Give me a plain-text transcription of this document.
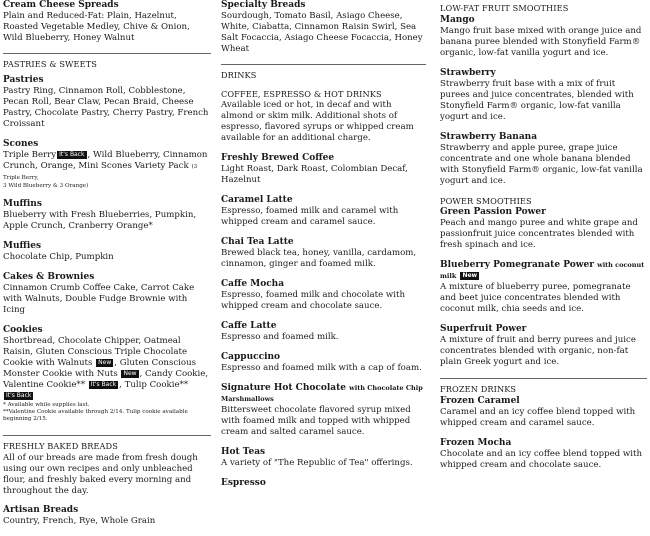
Cream Cheese Spreads
Plain and Reduced-Fat: Plain, Hazelnut, Roasted Vegetable Medley, Chive & Onion, Wild Blueberry, Honey Walnut
PASTRIES & SWEETS
Pastries
Pastry Ring, Cinnamon Roll, Cobblestone, Pecan Roll, Bear Claw, Pecan Braid, Cheese Pastry, Chocolate Pastry, Cherry Pastry, French Croissant
Scones
Triple Berry It's Back , Wild Blueberry, Cinnamon Crunch, Orange, Mini Scones Variety Pack (3 Triple Berry,
3 Wild Blueberry & 3 Orange)
Muffins
Blueberry with Fresh Blueberries, Pumpkin, Apple Crunch, Cranberry Orange*
Muffies
Chocolate Chip, Pumpkin
Cakes & Brownies
Cinnamon Crumb Coffee Cake, Carrot Cake with Walnuts, Double Fudge Brownie with Icing
Cookies
Shortbread, Chocolate Chipper, Oatmeal Raisin, Gluten Conscious Triple Chocolate Cookie with Walnuts New , Gluten Conscious Monster Cookie with Nuts New , Candy Cookie, Valentine Cookie** It's Back , Tulip Cookie** It's Back
* Available while supplies last.
**Valentine Cookie available through 2/14. Tulip cookie available beginning 2/15.
FRESHLY BAKED BREADS
All of our breads are made from fresh dough using our own recipes and only unbleached flour, and freshly baked every morning and throughout the day.
Artisan Breads
Country, French, Rye, Whole Grain
Specialty Breads
Sourdough, Tomato Basil, Asiago Cheese, White, Ciabatta, Cinnamon Raisin Swirl, Sea Salt Focaccia, Asiago Cheese Focaccia, Honey Wheat
DRINKS
COFFEE, ESPRESSO & HOT DRINKS
Available iced or hot, in decaf and with almond or skim milk. Additional shots of espresso, flavored syrups or whipped cream available for an additional charge.
Freshly Brewed Coffee
Light Roast, Dark Roast, Colombian Decaf, Hazelnut
Caramel Latte
Espresso, foamed milk and caramel with whipped cream and caramel sauce.
Chai Tea Latte
Brewed black tea, honey, vanilla, cardamom, cinnamon, ginger and foamed milk.
Caffe Mocha
Espresso, foamed milk and chocolate with whipped cream and chocolate sauce.
Caffe Latte
Espresso and foamed milk.
Cappuccino
Espresso and foamed milk with a cap of foam.
Signature Hot Chocolate with Chocolate Chip Marshmallows
Bittersweet chocolate flavored syrup mixed with foamed milk and topped with whipped cream and salted caramel sauce.
Hot Teas
A variety of "The Republic of Tea" offerings.
Espresso
LOW-FAT FRUIT SMOOTHIES
Mango
Mango fruit base mixed with orange juice and banana puree blended with Stonyfield Farm® organic, low-fat vanilla yogurt and ice.
Strawberry
Strawberry fruit base with a mix of fruit purees and juice concentrates, blended with Stonyfield Farm® organic, low-fat vanilla yogurt and ice.
Strawberry Banana
Strawberry and apple puree, grape juice concentrate and one whole banana blended with Stonyfield Farm® organic, low-fat vanilla yogurt and ice.
POWER SMOOTHIES
Green Passion Power
Peach and mango puree and white grape and passionfruit juice concentrates blended with fresh spinach and ice.
Blueberry Pomegranate Power with coconut milk New
A mixture of blueberry puree, pomegranate and beet juice concentrates blended with coconut milk, chia seeds and ice.
Superfruit Power
A mixture of fruit and berry purees and juice concentrates blended with organic, non-fat plain Greek yogurt and ice.
FROZEN DRINKS
Frozen Caramel
Caramel and an icy coffee blend topped with whipped cream and caramel sauce.
Frozen Mocha
Chocolate and an icy coffee blend topped with whipped cream and chocolate sauce.
